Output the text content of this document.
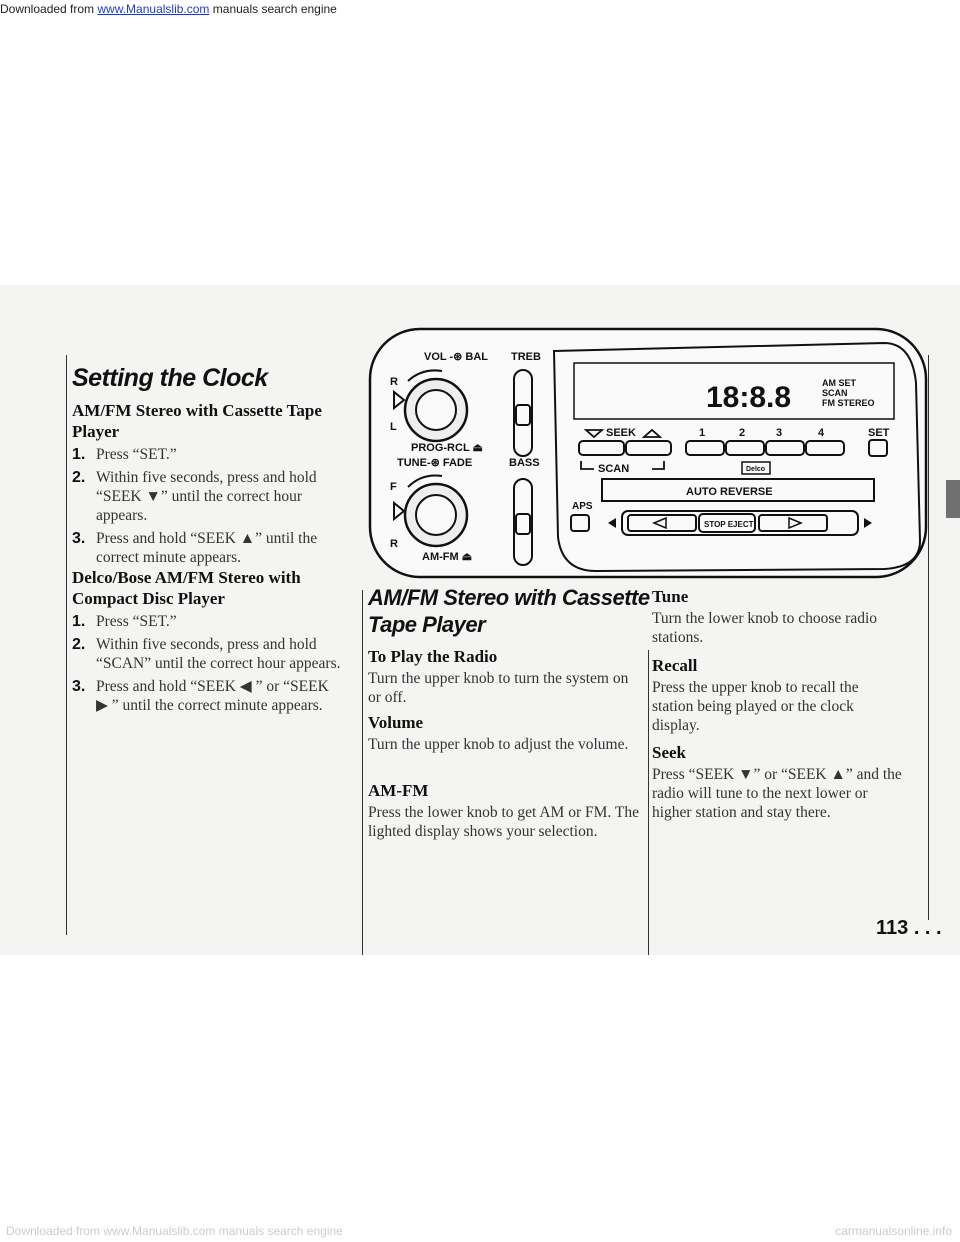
Downloaded from www.Manualslib.com manuals search engine
Setting the Clock
AM/FM Stereo with Cassette Tape Player
1. Press “SET.”
2. Within five seconds, press and hold “SEEK ▼” until the correct hour appears.
3. Press and hold “SEEK ▲” until the correct minute appears.
Delco/Bose AM/FM Stereo with Compact Disc Player
1. Press “SET.”
2. Within five seconds, press and hold “SCAN” until the correct hour appears.
3. Press and hold “SEEK ◀ ” or “SEEK ▶ ” until the correct minute appears.
VOL -⊛ BAL TREB
R
L
PROG-RCL ⏏
TUNE-⊛ FADE	BASS
F
R
AM-FM ⏏
18:8.8	AM SET
SCAN
FM STEREO
SEEK	1	2	3	4	SET
SCAN	Delco
AUTO REVERSE
APS
STOP EJECT
AM/FM Stereo with Cassette
Tape Player
To Play the Radio

Turn the upper knob to turn the system on or off.

Volume

Turn the upper knob to adjust the volume.

AM-FM

Press the lower knob to get AM or FM. The lighted display shows your selection.

Tune

Turn the lower knob to choose radio stations.

Recall

Press the upper knob to recall the station being played or the clock display.

Seek

Press “SEEK ▼” or “SEEK ▲” and the radio will tune to the next lower or higher station and stay there.

113 . . .
Downloaded from www.Manualslib.com manuals search engine	carmanualsonline.info
